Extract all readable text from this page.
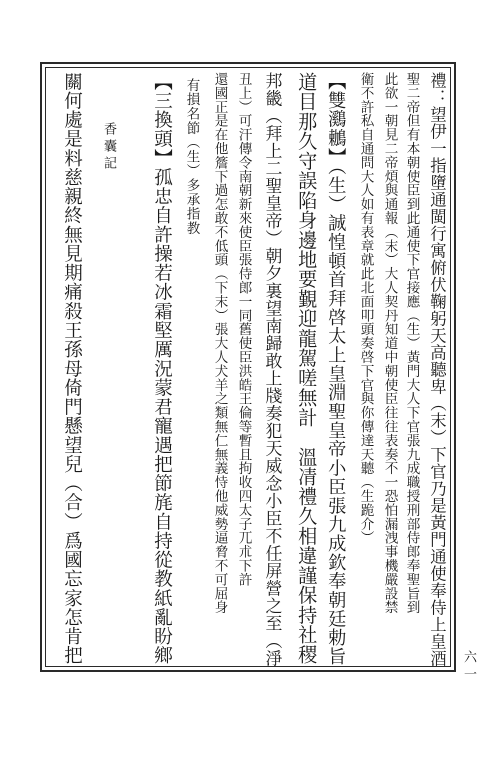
香囊記
六一
禮：望伊一指墮通閩行寓俯伏鞠躬天高聽卑（末）下官乃是黃門通使奉侍上皇酒
聖二帝但有本朝使臣到此通使下官接應（生）黃門大人下官張九成職授刑部侍郎奉聖旨到
此欲一朝見二帝煩與通報（末）大人契丹知道中朝使臣往往表奏不一恐怕漏洩事機嚴設禁
衛不許私自通問大人如有表章就此北面叩頭奏啓下官與你傳達天聽（生跪介）
【雙鸂鶒】（生）誠惶頓首拜啓太上皇淵聖皇帝小臣張九成欽奉朝廷勅旨
道目那久守誤陷身邊地要覲迎龍駕嗟無計　溫凊禮久相違謹保持社稷
邦畿（拜上二聖皇帝）朝夕裏望南歸敢上牋奏犯天威念小臣不任屏營之至（淨
丑上）可汗傳令南朝新來使臣張侍郎一同舊使臣洪皓王倫等暫且拘收四太子兀朮下許
還國正是在他簷下過怎敢不低頭（下末）張大人犬羊之類無仁無義恃他威勢逼脅不可屈身
有損名節（生）多承指教
【三換頭】孤忠自許操若冰霜堅厲況蒙君寵遇把節旄自持從教紙亂盼鄉
關何處是料慈親終無見期痛殺王孫母倚門懸望兒（合）爲國忘家怎肯把
